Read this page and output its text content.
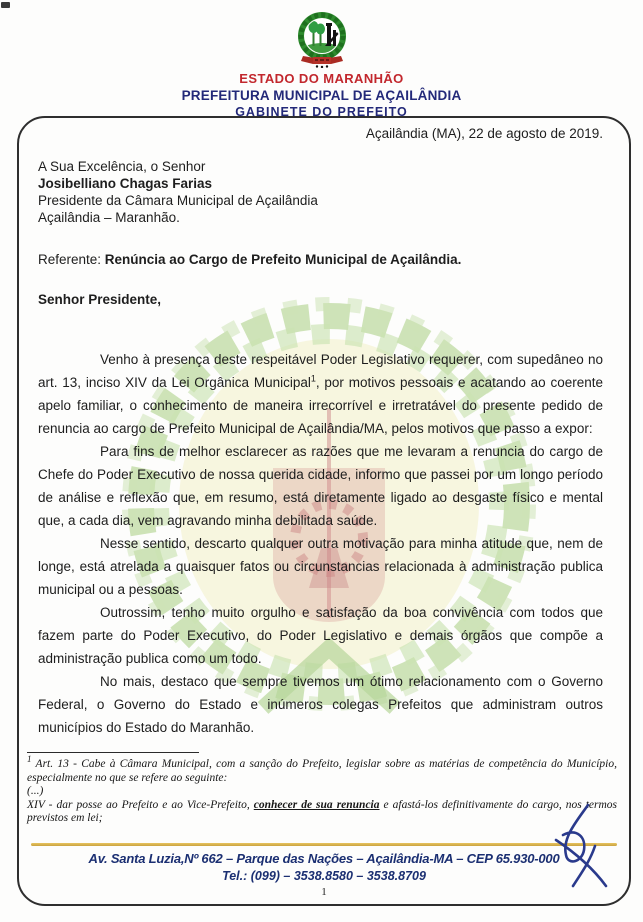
ESTADO DO MARANHÃO
PREFEITURA MUNICIPAL DE AÇAILÂNDIA
GABINETE DO PREFEITO
Açailândia (MA), 22 de agosto de 2019.
A Sua Excelência, o Senhor
Josibelliano Chagas Farias
Presidente da Câmara Municipal de Açailândia
Açailândia – Maranhão.
Referente: Renúncia ao Cargo de Prefeito Municipal de Açailândia.
Senhor Presidente,

Venho à presença deste respeitável Poder Legislativo requerer, com supedâneo no art. 13, inciso XIV da Lei Orgânica Municipal$^1$, por motivos pessoais e acatando ao coerente apelo familiar, o conhecimento de maneira irrecorrível e irretratável do presente pedido de renuncia ao cargo de Prefeito Municipal de Açailândia/MA, pelos motivos que passo a expor:

Para fins de melhor esclarecer as razões que me levaram a renuncia do cargo de Chefe do Poder Executivo de nossa querida cidade, informo que passei por um longo período de análise e reflexão que, em resumo, está diretamente ligado ao desgaste físico e mental que, a cada dia, vem agravando minha debilitada saúde.

Nesse sentido, descarto qualquer outra motivação para minha atitude que, nem de longe, está atrelada a quaisquer fatos ou circunstancias relacionada à administração publica municipal ou a pessoas.

Outrossim, tenho muito orgulho e satisfação da boa convivência com todos que fazem parte do Poder Executivo, do Poder Legislativo e demais órgãos que compõe a administração publica como um todo.

No mais, destaco que sempre tivemos um ótimo relacionamento com o Governo Federal, o Governo do Estado e inúmeros colegas Prefeitos que administram outros municípios do Estado do Maranhão.

$^1$ Art. 13 - Cabe à Câmara Municipal, com a sanção do Prefeito, legislar sobre as matérias de competência do Município, especialmente no que se refere ao seguinte:

(...)

XIV - dar posse ao Prefeito e ao Vice-Prefeito, conhecer de sua renuncia e afastá-los definitivamente do cargo, nos termos previstos em lei;

Av. Santa Luzia,Nº 662 – Parque das Nações – Açailândia-MA – CEP 65.930-000
Tel.: (099) – 3538.8580 – 3538.8709
1
